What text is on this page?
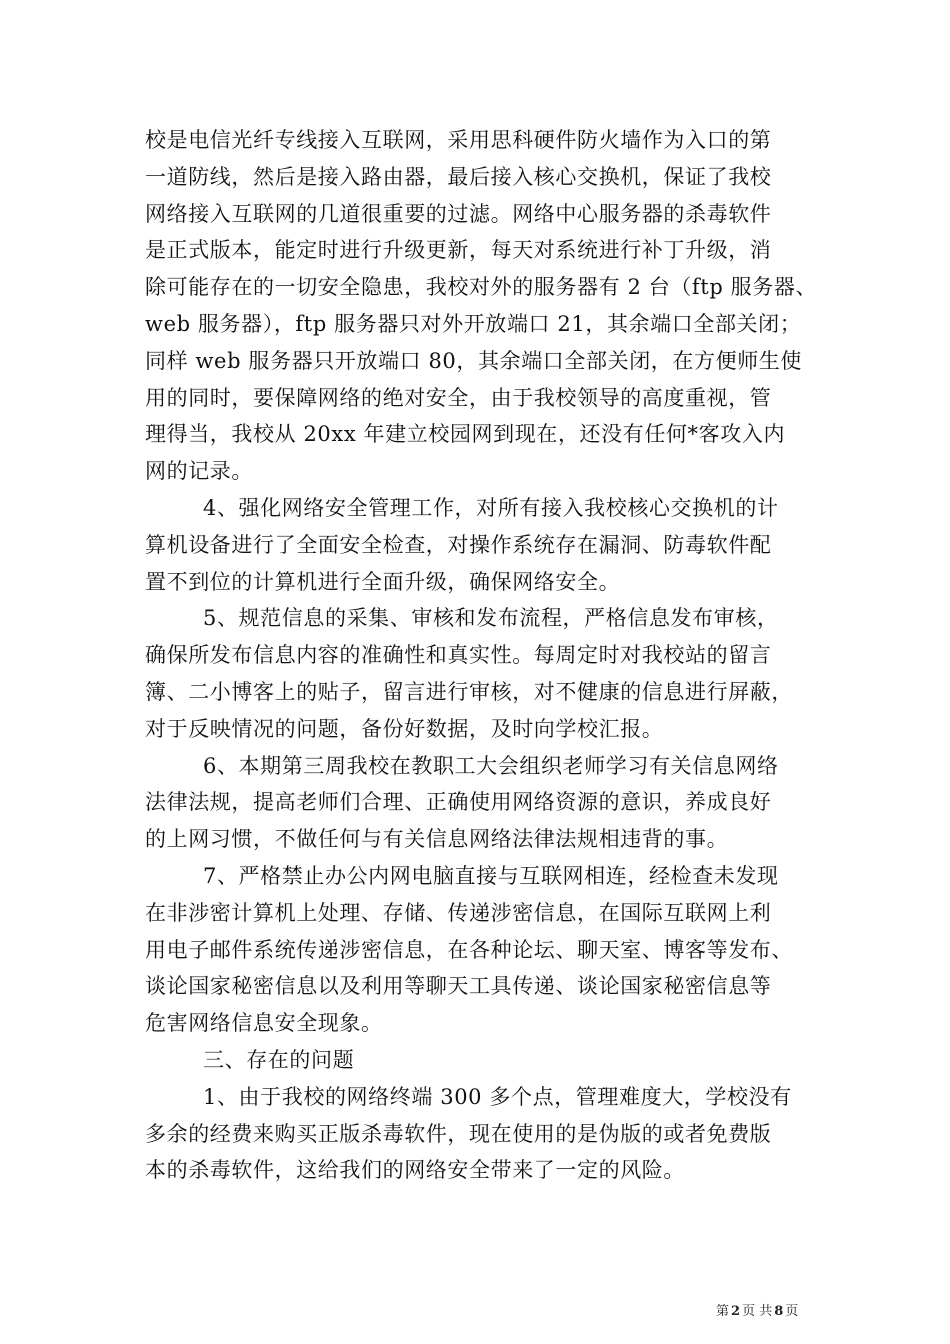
校是电信光纤专线接入互联网，采用思科硬件防火墙作为入口的第
一道防线，然后是接入路由器，最后接入核心交换机，保证了我校
网络接入互联网的几道很重要的过滤。网络中心服务器的杀毒软件
是正式版本，能定时进行升级更新，每天对系统进行补丁升级，消
除可能存在的一切安全隐患，我校对外的服务器有 2 台（ftp 服务器、
web 服务器），ftp 服务器只对外开放端口 21，其余端口全部关闭；
同样 web 服务器只开放端口 80，其余端口全部关闭，在方便师生使
用的同时，要保障网络的绝对安全，由于我校领导的高度重视，管
理得当，我校从 20xx 年建立校园网到现在，还没有任何*客攻入内
网的记录。
4、强化网络安全管理工作，对所有接入我校核心交换机的计
算机设备进行了全面安全检查，对操作系统存在漏洞、防毒软件配
置不到位的计算机进行全面升级，确保网络安全。
5、规范信息的采集、审核和发布流程，严格信息发布审核，
确保所发布信息内容的准确性和真实性。每周定时对我校站的留言
簿、二小博客上的贴子，留言进行审核，对不健康的信息进行屏蔽，
对于反映情况的问题，备份好数据，及时向学校汇报。
6、本期第三周我校在教职工大会组织老师学习有关信息网络
法律法规，提高老师们合理、正确使用网络资源的意识，养成良好
的上网习惯，不做任何与有关信息网络法律法规相违背的事。
7、严格禁止办公内网电脑直接与互联网相连，经检查未发现
在非涉密计算机上处理、存储、传递涉密信息，在国际互联网上利
用电子邮件系统传递涉密信息，在各种论坛、聊天室、博客等发布、
谈论国家秘密信息以及利用等聊天工具传递、谈论国家秘密信息等
危害网络信息安全现象。
三、存在的问题
1、由于我校的网络终端 300 多个点，管理难度大，学校没有
多余的经费来购买正版杀毒软件，现在使用的是伪版的或者免费版
本的杀毒软件，这给我们的网络安全带来了一定的风险。
第 2 页 共 8 页
